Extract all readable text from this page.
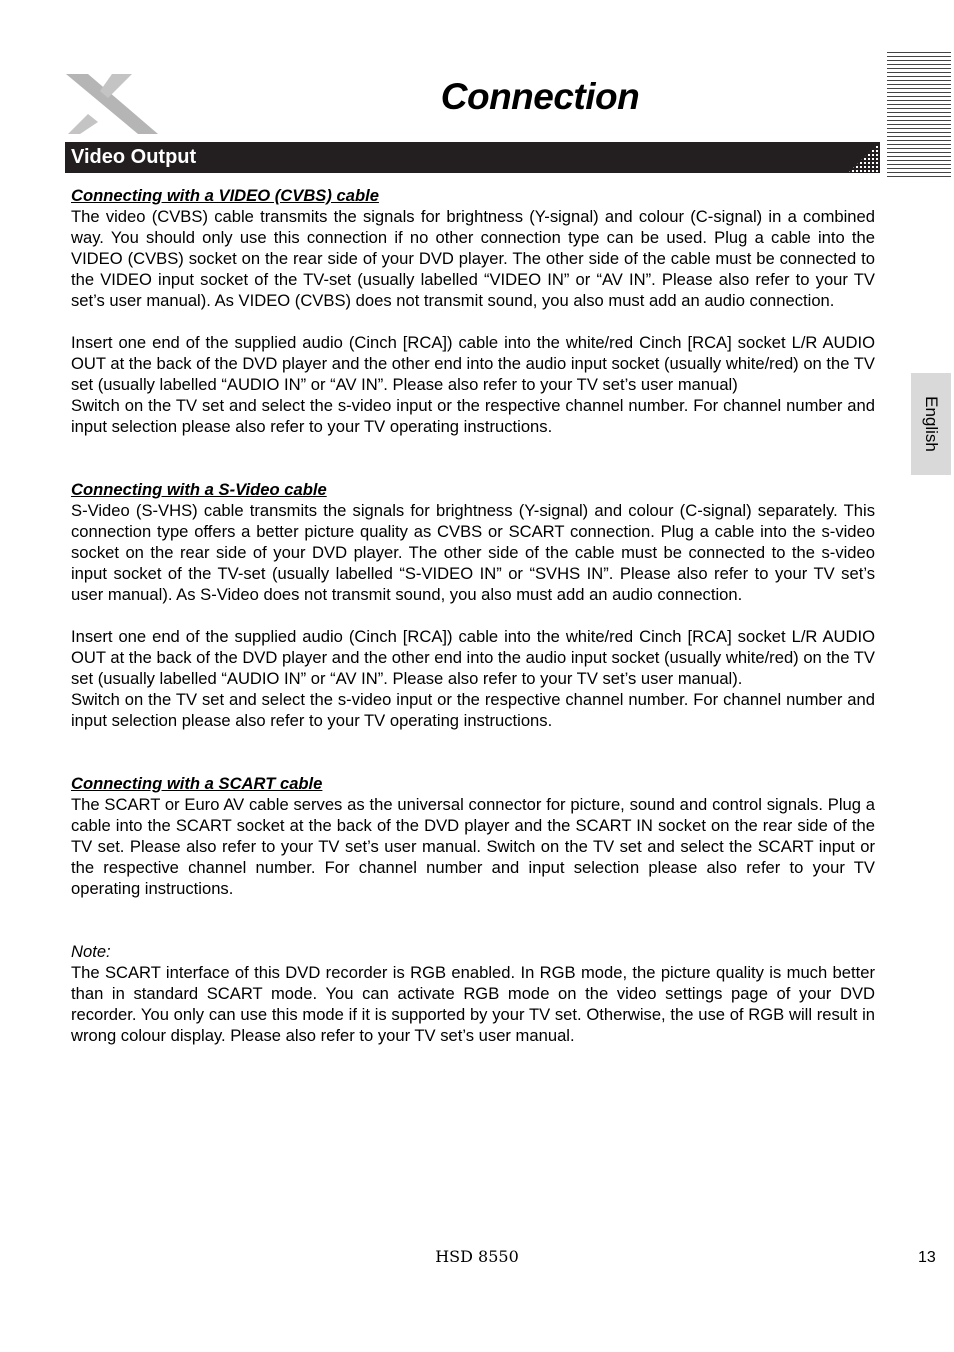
Connection
Video Output
English
Connecting with a VIDEO (CVBS) cable

The video (CVBS) cable transmits the signals for brightness (Y-signal) and colour (C-signal) in a combined way. You should only use this connection if no other connection type can be used. Plug a cable into the VIDEO (CVBS) socket on the rear side of your DVD player. The other side of the cable must be connected to the VIDEO input socket of the TV-set (usually labelled “VIDEO IN” or “AV IN”. Please also refer to your TV set’s user manual). As VIDEO (CVBS) does not transmit sound, you also must add an audio connection.

Insert one end of the supplied audio (Cinch [RCA]) cable into the white/red Cinch [RCA] socket L/R AUDIO OUT at the back of the DVD player and the other end into the audio input socket (usually white/red) on the TV set (usually labelled “AUDIO IN” or “AV IN”. Please also refer to your TV set’s user manual)

Switch on the TV set and select the s-video input or the respective channel number. For channel number and input selection please also refer to your TV operating instructions.

Connecting with a S-Video cable

S-Video (S-VHS) cable transmits the signals for brightness (Y-signal) and colour (C-signal) separately. This connection type offers a better picture quality as CVBS or SCART connection. Plug a cable into the s-video socket on the rear side of your DVD player. The other side of the cable must be connected to the s-video input socket of the TV-set (usually labelled “S-VIDEO IN” or “SVHS IN”. Please also refer to your TV set’s user manual). As S-Video does not transmit sound, you also must add an audio connection.

Insert one end of the supplied audio (Cinch [RCA]) cable into the white/red Cinch [RCA] socket L/R AUDIO OUT at the back of the DVD player and the other end into the audio input socket (usually white/red) on the TV set (usually labelled “AUDIO IN” or “AV IN”. Please also refer to your TV set’s user manual).

Switch on the TV set and select the s-video input or the respective channel number. For channel number and input selection please also refer to your TV operating instructions.

Connecting with a SCART cable

The SCART or Euro AV cable serves as the universal connector for picture, sound and control signals. Plug a cable into the SCART socket at the back of the DVD player and the SCART IN socket on the rear side of the TV set. Please also refer to your TV set’s user manual. Switch on the TV set and select the SCART input or the respective channel number. For channel number and input selection please also refer to your TV operating instructions.

Note:

The SCART interface of this DVD recorder is RGB enabled. In RGB mode, the picture quality is much better than in standard SCART mode. You can activate RGB mode on the video settings page of your DVD recorder. You only can use this mode if it is supported by your TV set. Otherwise, the use of RGB will result in wrong colour display. Please also refer to your TV set’s user manual.

HSD 8550	13
